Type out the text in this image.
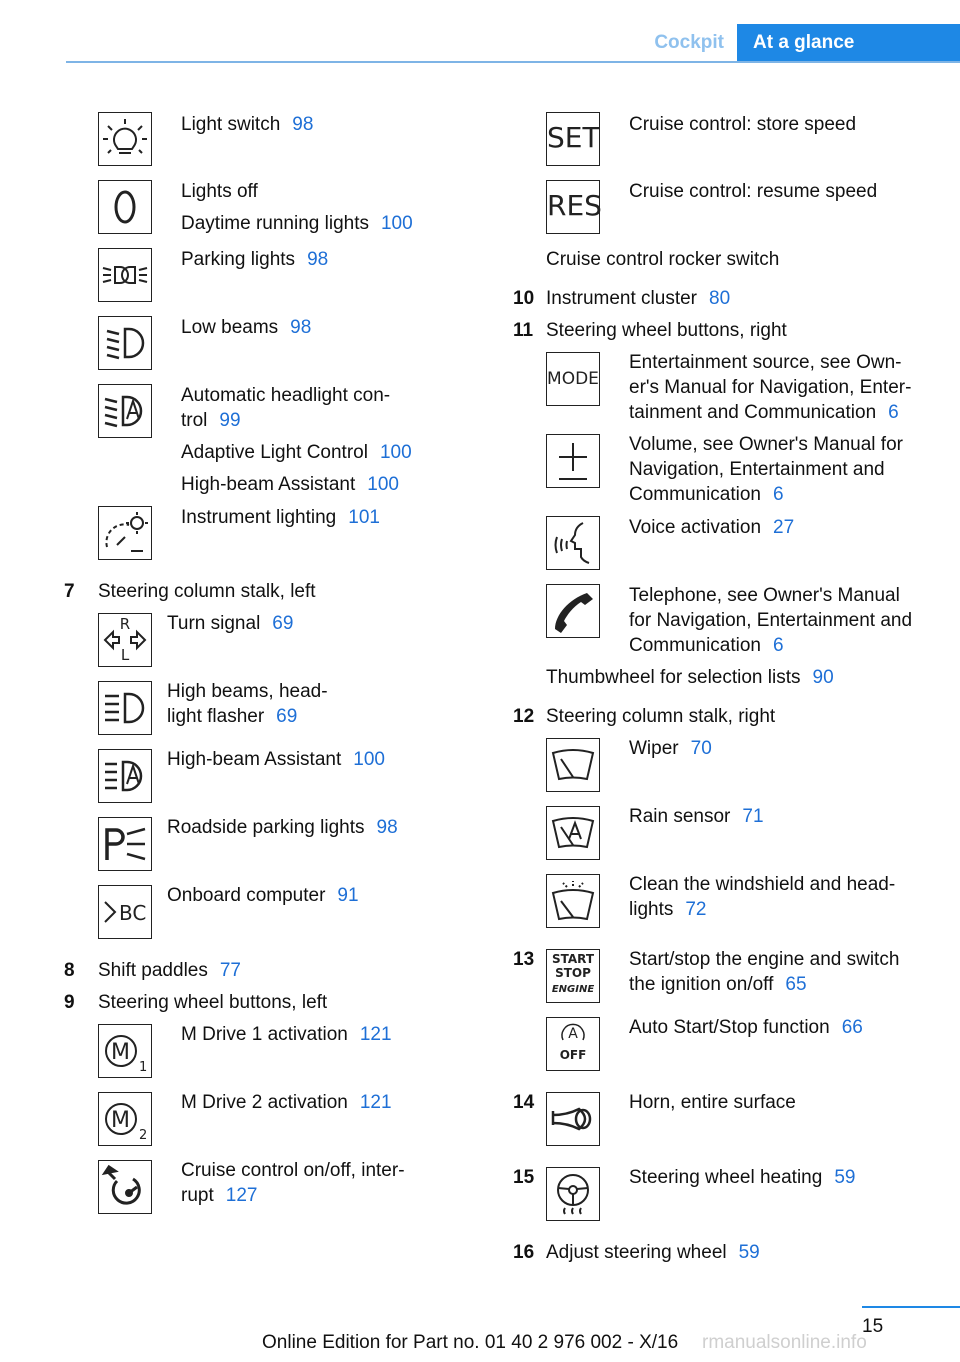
Cockpit	At a glance
Light switch 98
Lights off
Daytime running lights 100
Parking lights 98
Low beams 98
Automatic headlight con-
trol 99
Adaptive Light Control 100
High-beam Assistant 100
Instrument lighting 101
7 Steering column stalk, left
R
L
Turn signal 69
High beams, head-
light flasher 69
High-beam Assistant 100
Roadside parking lights 98
BC
Onboard computer 91
8 Shift paddles 77
9 Steering wheel buttons, left
M
1
M Drive 1 activation 121
M
2
M Drive 2 activation 121
Cruise control on/off, inter-
rupt 127
SET Cruise control: store speed
RES Cruise control: resume speed
Cruise control rocker switch
10 Instrument cluster 80
11 Steering wheel buttons, right
MODE
Entertainment source, see Own-
er's Manual for Navigation, Enter-
tainment and Communication 6
Volume, see Owner's Manual for
Navigation, Entertainment and
Communication 6
Voice activation 27
Telephone, see Owner's Manual
for Navigation, Entertainment and
Communication 6
Thumbwheel for selection lists 90
12 Steering column stalk, right
Wiper 70
Rain sensor 71
Clean the windshield and head-
lights 72
13	START
STOP
ENGINE
Start/stop the engine and switch
the ignition on/off 65
A
OFF
Auto Start/Stop function 66
14	Horn, entire surface
15	Steering wheel heating 59
16 Adjust steering wheel 59
15
Online Edition for Part no. 01 40 2 976 002 - X/16 rmanualsonline.info
